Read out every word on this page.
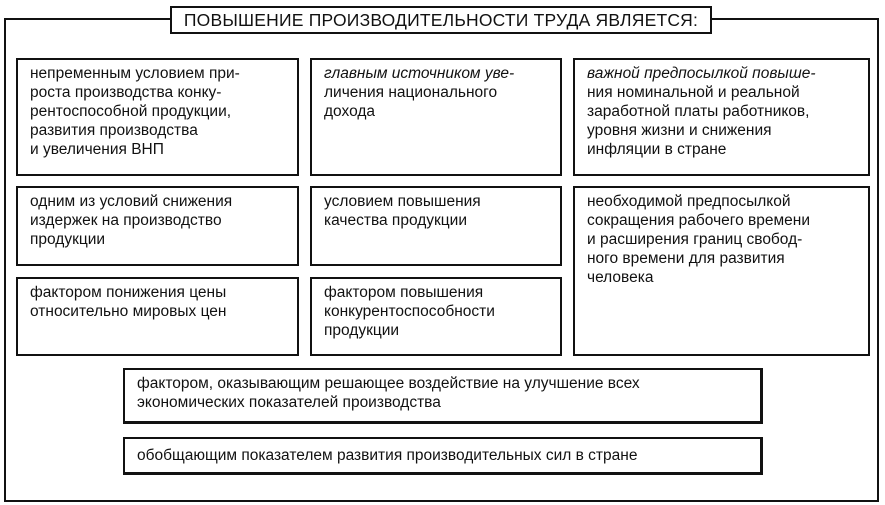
ПОВЫШЕНИЕ ПРОИЗВОДИТЕЛЬНОСТИ ТРУДА ЯВЛЯЕТСЯ:
непременным условием при-
роста производства конку-
рентоспособной продукции,
развития производства
и увеличения ВНП
главным источником уве-
личения национального
дохода
важной предпосылкой повыше-
ния номинальной и реальной
заработной платы работников,
уровня жизни и снижения
инфляции в стране
одним из условий снижения
издержек на производство
продукции
условием повышения
качества продукции
необходимой предпосылкой
сокращения рабочего времени
и расширения границ свобод-
ного времени для развития
человека
фактором понижения цены
относительно мировых цен
фактором повышения
конкурентоспособности
продукции
фактором, оказывающим решающее воздействие на улучшение всех
экономических показателей производства
обобщающим показателем развития производительных сил в стране
